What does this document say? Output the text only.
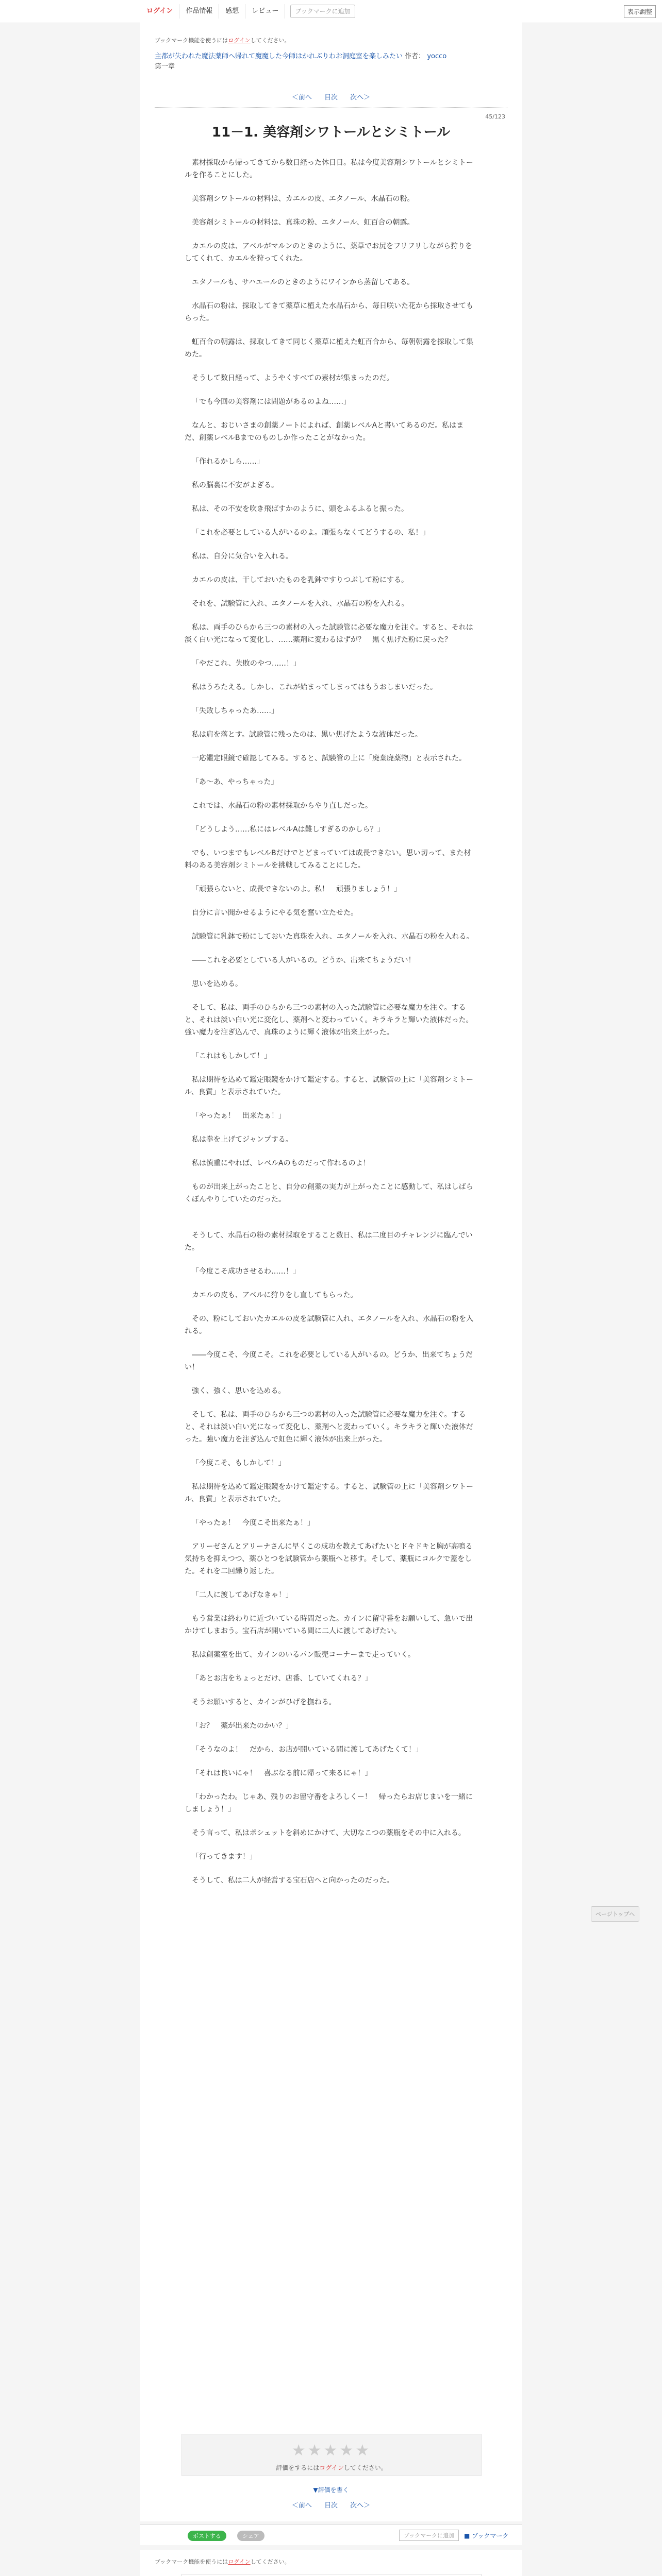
ログイン	作品情報	感想	レビュー	ブックマークに追加	表示調整
ブックマーク機能を使うにはログインしてください。
主都が失われた魔法薬師へ帰れて魔魔した今師はかれぶりわお洞庭室を楽しみたい 作者： yocco
第一章
＜前へ 目次 次へ＞
45/123
11－1. 美容剤シワトールとシミトール

素材採取から帰ってきてから数日経った休日日。私は今度美容剤シワトールとシミトールを作ることにした。

美容剤シワトールの材料は、カエルの皮、エタノール、水晶石の粉。

美容剤シミトールの材料は、真珠の粉、エタノール、虹百合の朝露。

カエルの皮は、アベルがマルンのときのように、薬草でお尻をフリフリしながら狩りをしてくれて、カエルを狩ってくれた。

エタノールも、サハエールのときのようにワインから蒸留してある。

水晶石の粉は、採取してきて薬草に植えた水晶石から、毎日咲いた花から採取させてもらった。

虹百合の朝露は、採取してきて同じく薬草に植えた虹百合から、毎朝朝露を採取して集めた。

そうして数日経って、ようやくすべての素材が集まったのだ。

「でも今回の美容剤には問題があるのよね……」

なんと、おじいさまの創薬ノートによれば、創薬レベルAと書いてあるのだ。私はまだ、創薬レベルBまでのものしか作ったことがなかった。

「作れるかしら……」

私の脳裏に不安がよぎる。

私は、その不安を吹き飛ばすかのように、頭をふるふると振った。

「これを必要としている人がいるのよ。頑張らなくてどうするの、私！」

私は、自分に気合いを入れる。

カエルの皮は、干しておいたものを乳鉢ですりつぶして粉にする。

それを、試験管に入れ、エタノールを入れ、水晶石の粉を入れる。

私は、両手のひらから三つの素材の入った試験管に必要な魔力を注ぐ。すると、それは淡く白い光になって変化し、……薬剤に変わるはずが？　黒く焦げた粉に戻った？

「やだこれ、失敗のやつ……！」

私はうろたえる。しかし、これが始まってしまってはもうおしまいだった。

「失敗しちゃったあ……」

私は肩を落とす。試験管に残ったのは、黒い焦げたような液体だった。

一応鑑定眼鏡で確認してみる。すると、試験管の上に「廃棄廃薬物」と表示された。

「あ～あ、やっちゃった」

これでは、水晶石の粉の素材採取からやり直しだった。

「どうしよう……私にはレベルAは難しすぎるのかしら？」

でも、いつまでもレベルBだけでとどまっていては成長できない。思い切って、また材料のある美容剤シミトールを挑戦してみることにした。

「頑張らないと、成長できないのよ。私！　頑張りましょう！」

自分に言い聞かせるようにやる気を奮い立たせた。

試験管に乳鉢で粉にしておいた真珠を入れ、エタノールを入れ、水晶石の粉を入れる。

――これを必要としている人がいるの。どうか、出来てちょうだい！

思いを込める。

そして、私は、両手のひらから三つの素材の入った試験管に必要な魔力を注ぐ。すると、それは淡い白い光に変化し、薬剤へと変わっていく。キラキラと輝いた液体だった。強い魔力を注ぎ込んで、真珠のように輝く液体が出来上がった。

「これはもしかして！」

私は期待を込めて鑑定眼鏡をかけて鑑定する。すると、試験管の上に「美容剤シミトール、良質」と表示されていた。

「やったぁ！　出来たぁ！」

私は拳を上げてジャンプする。

私は慎重にやれば、レベルAのものだって作れるのよ！

ものが出来上がったことと、自分の創薬の実力が上がったことに感動して、私はしばらくぼんやりしていたのだった。

そうして、水晶石の粉の素材採取をすること数日、私は二度目のチャレンジに臨んでいた。

「今度こそ成功させるわ……！」

カエルの皮も、アベルに狩りをし直してもらった。

その、粉にしておいたカエルの皮を試験管に入れ、エタノールを入れ、水晶石の粉を入れる。

――今度こそ、今度こそ。これを必要としている人がいるの。どうか、出来てちょうだい！

強く、強く、思いを込める。

そして、私は、両手のひらから三つの素材の入った試験管に必要な魔力を注ぐ。すると、それは淡い白い光になって変化し、薬剤へと変わっていく。キラキラと輝いた液体だった。強い魔力を注ぎ込んで虹色に輝く液体が出来上がった。

「今度こそ、もしかして！」

私は期待を込めて鑑定眼鏡をかけて鑑定する。すると、試験管の上に「美容剤シワトール、良質」と表示されていた。

「やったぁ！　今度こそ出来たぁ！」

アリーゼさんとアリーナさんに早くこの成功を教えてあげたいとドキドキと胸が高鳴る気持ちを抑えつつ、薬ひとつを試験管から薬瓶へと移す。そして、薬瓶にコルクで蓋をした。それを二回繰り返した。

「二人に渡してあげなきゃ！」

もう営業は終わりに近づいている時間だった。カインに留守番をお願いして、急いで出かけてしまおう。宝石店が開いている間に二人に渡してあげたい。

私は創薬室を出て、カインのいるパン販売コーナーまで走っていく。

「あとお店をちょっとだけ、店番、していてくれる？」

そうお願いすると、カインがひげを撫ねる。

「お？　薬が出来たのかい？」

「そうなのよ！　だから、お店が開いている間に渡してあげたくて！」

「それは良いにゃ！　喜ぶなる前に帰って来るにゃ！」

「わかったわ。じゃあ、残りのお留守番をよろしくー！　帰ったらお店じまいを一緒にしましょう！」

そう言って、私はポシェットを斜めにかけて、大切なこつの薬瓶をその中に入れる。

「行ってきます！」

そうして、私は二人が経営する宝石店へと向かったのだった。

★★★★★
評価をするにはログインしてください。
▼評価を書く
＜前へ 目次 次へ＞
ページトップへ
ポストする	シェア	ブックマークに追加	■ ブックマーク
ブックマーク機能を使うにはログインしてください。
